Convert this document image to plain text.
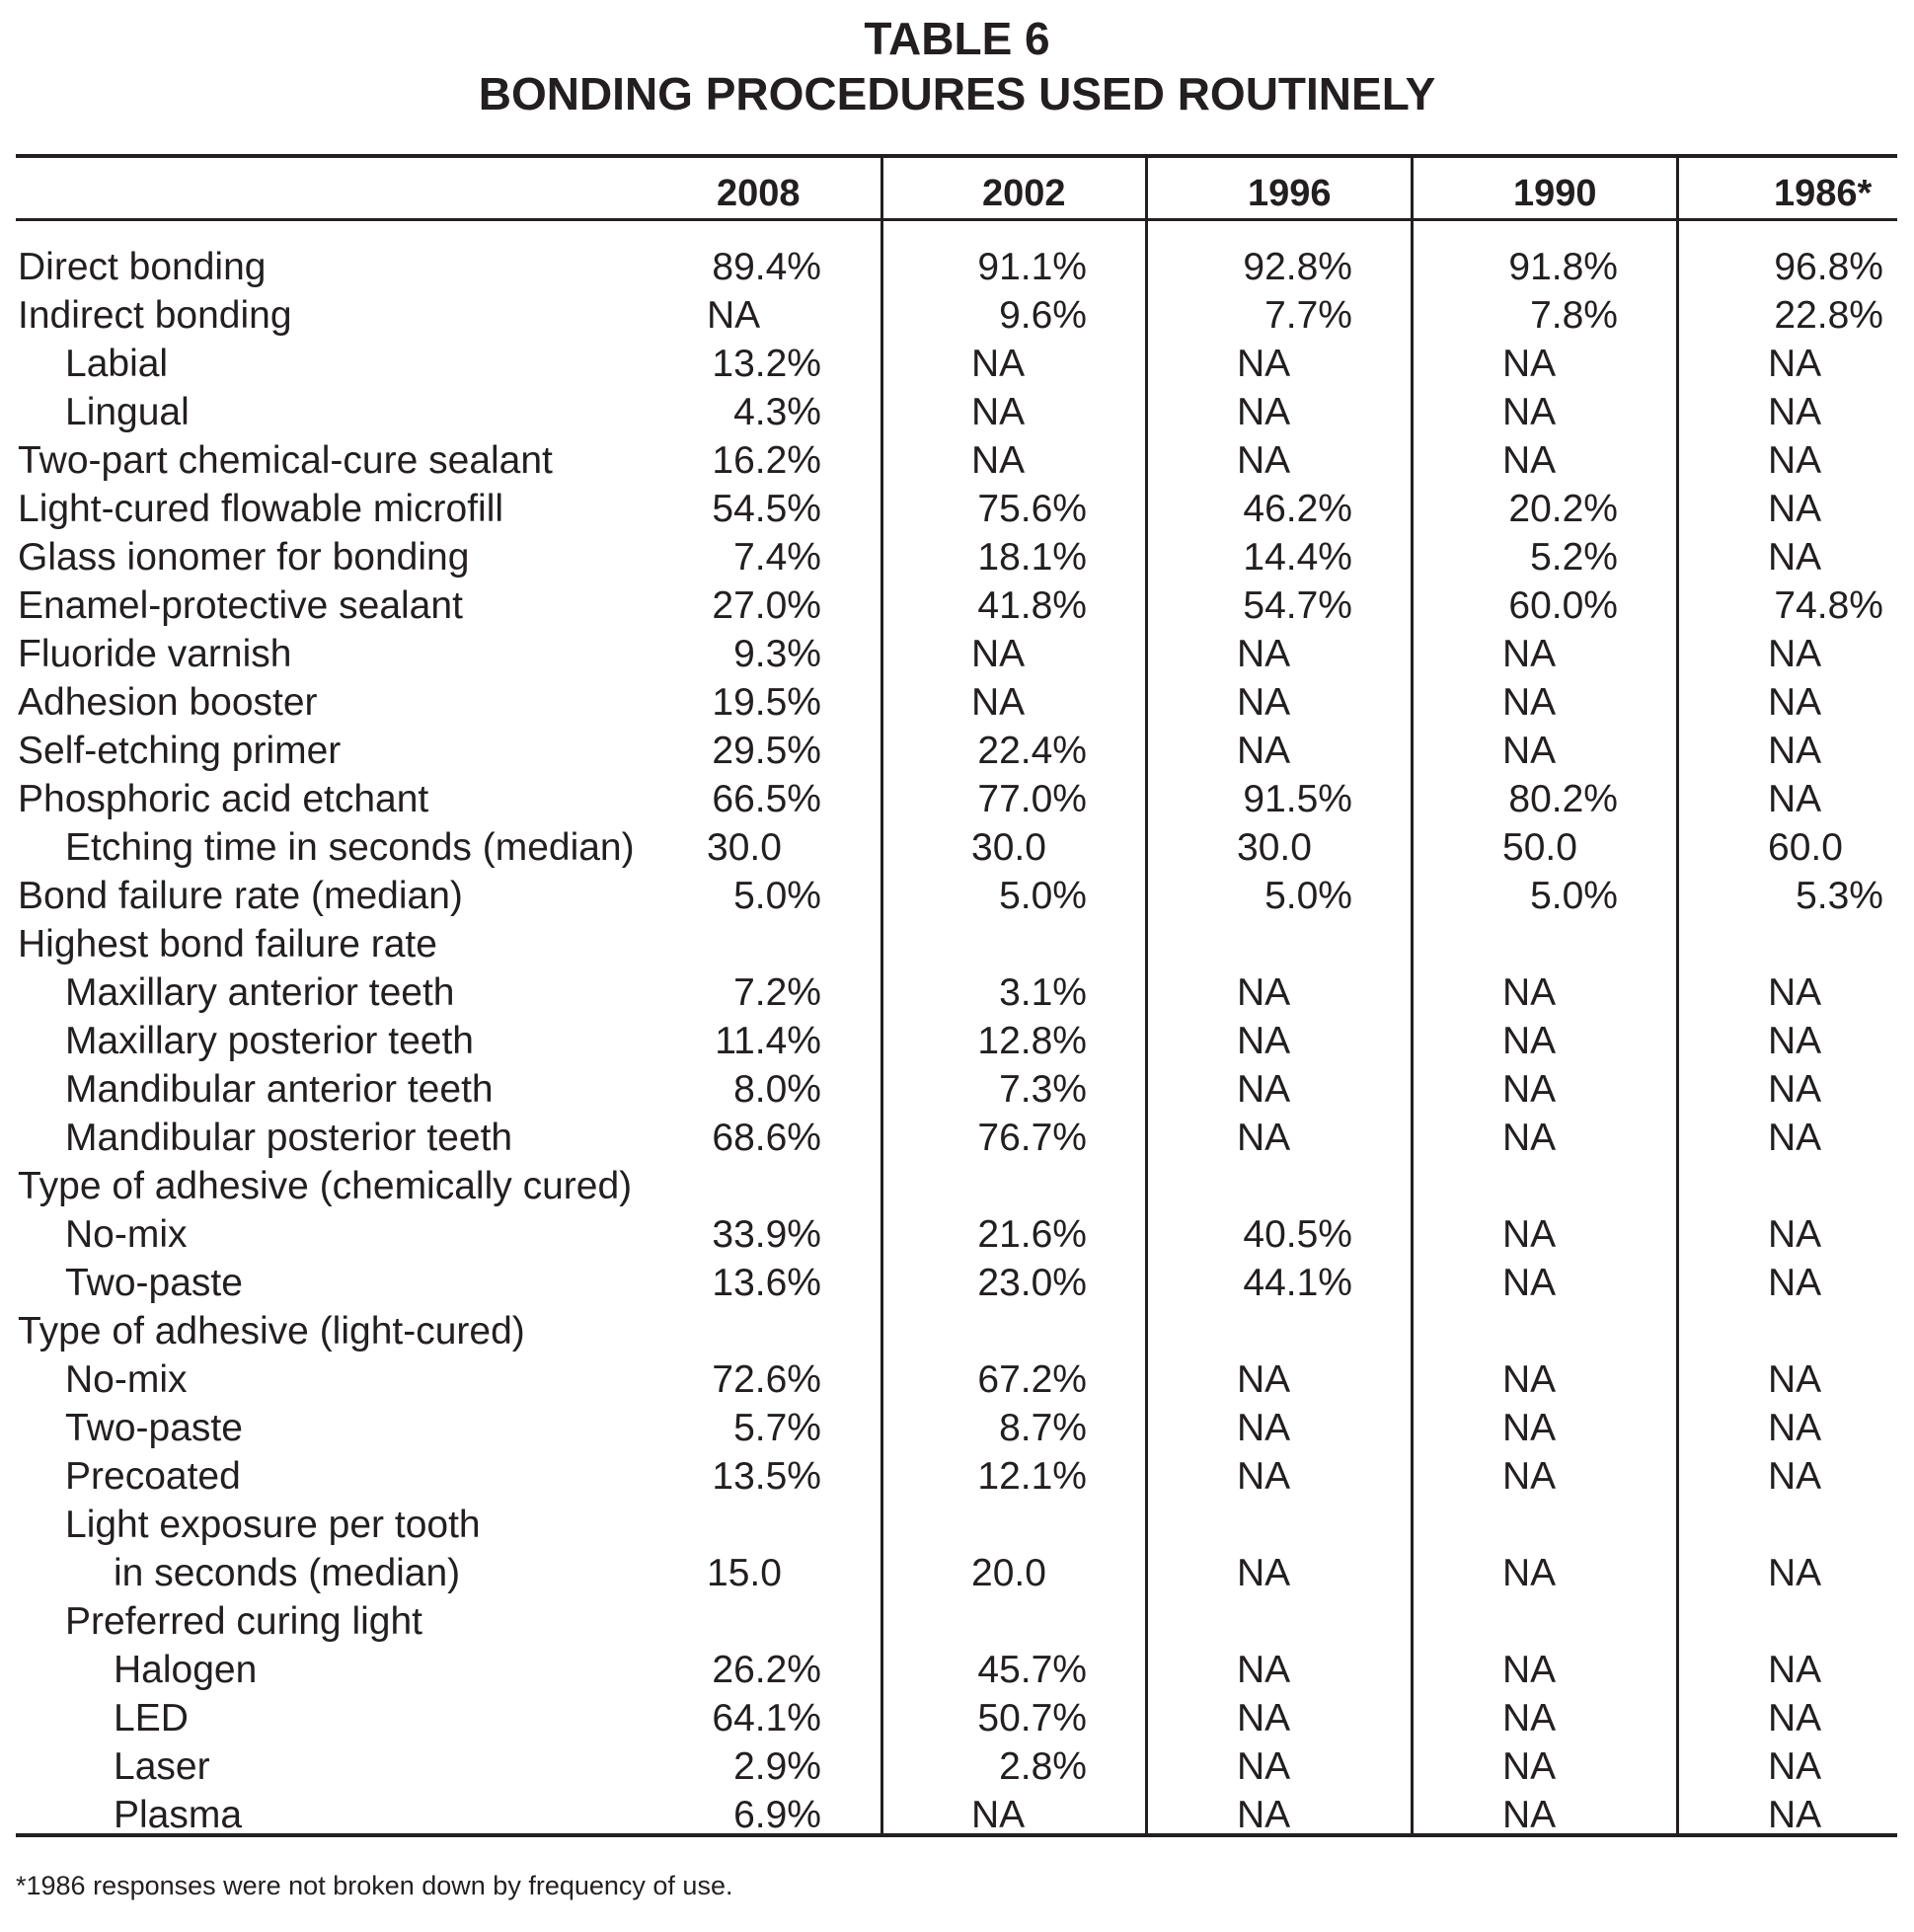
TABLE 6
BONDING PROCEDURES USED ROUTINELY
2008	2002	1996	1990	1986*
Direct bonding	89.4%	91.1%	92.8%	91.8%	96.8%
Indirect bonding	NA	9.6%	7.7%	7.8%	22.8%
Labial	13.2%	NA	NA	NA	NA
Lingual	4.3%	NA	NA	NA	NA
Two-part chemical-cure sealant	16.2%	NA	NA	NA	NA
Light-cured flowable microfill	54.5%	75.6%	46.2%	20.2%	NA
Glass ionomer for bonding	7.4%	18.1%	14.4%	5.2%	NA
Enamel-protective sealant	27.0%	41.8%	54.7%	60.0%	74.8%
Fluoride varnish	9.3%	NA	NA	NA	NA
Adhesion booster	19.5%	NA	NA	NA	NA
Self-etching primer	29.5%	22.4%	NA	NA	NA
Phosphoric acid etchant	66.5%	77.0%	91.5%	80.2%	NA
Etching time in seconds (median) 30.0	30.0	30.0	50.0	60.0
Bond failure rate (median)	5.0%	5.0%	5.0%	5.0%	5.3%
Highest bond failure rate
Maxillary anterior teeth	7.2%	3.1%	NA	NA	NA
Maxillary posterior teeth	11.4%	12.8%	NA	NA	NA
Mandibular anterior teeth	8.0%	7.3%	NA	NA	NA
Mandibular posterior teeth	68.6%	76.7%	NA	NA	NA
Type of adhesive (chemically cured)
No-mix	33.9%	21.6%	40.5%	NA	NA
Two-paste	13.6%	23.0%	44.1%	NA	NA
Type of adhesive (light-cured)
No-mix	72.6%	67.2%	NA	NA	NA
Two-paste	5.7%	8.7%	NA	NA	NA
Precoated	13.5%	12.1%	NA	NA	NA
Light exposure per tooth
in seconds (median)	15.0	20.0	NA	NA	NA
Preferred curing light
Halogen	26.2%	45.7%	NA	NA	NA
LED	64.1%	50.7%	NA	NA	NA
Laser	2.9%	2.8%	NA	NA	NA
Plasma	6.9%	NA	NA	NA	NA
*1986 responses were not broken down by frequency of use.
